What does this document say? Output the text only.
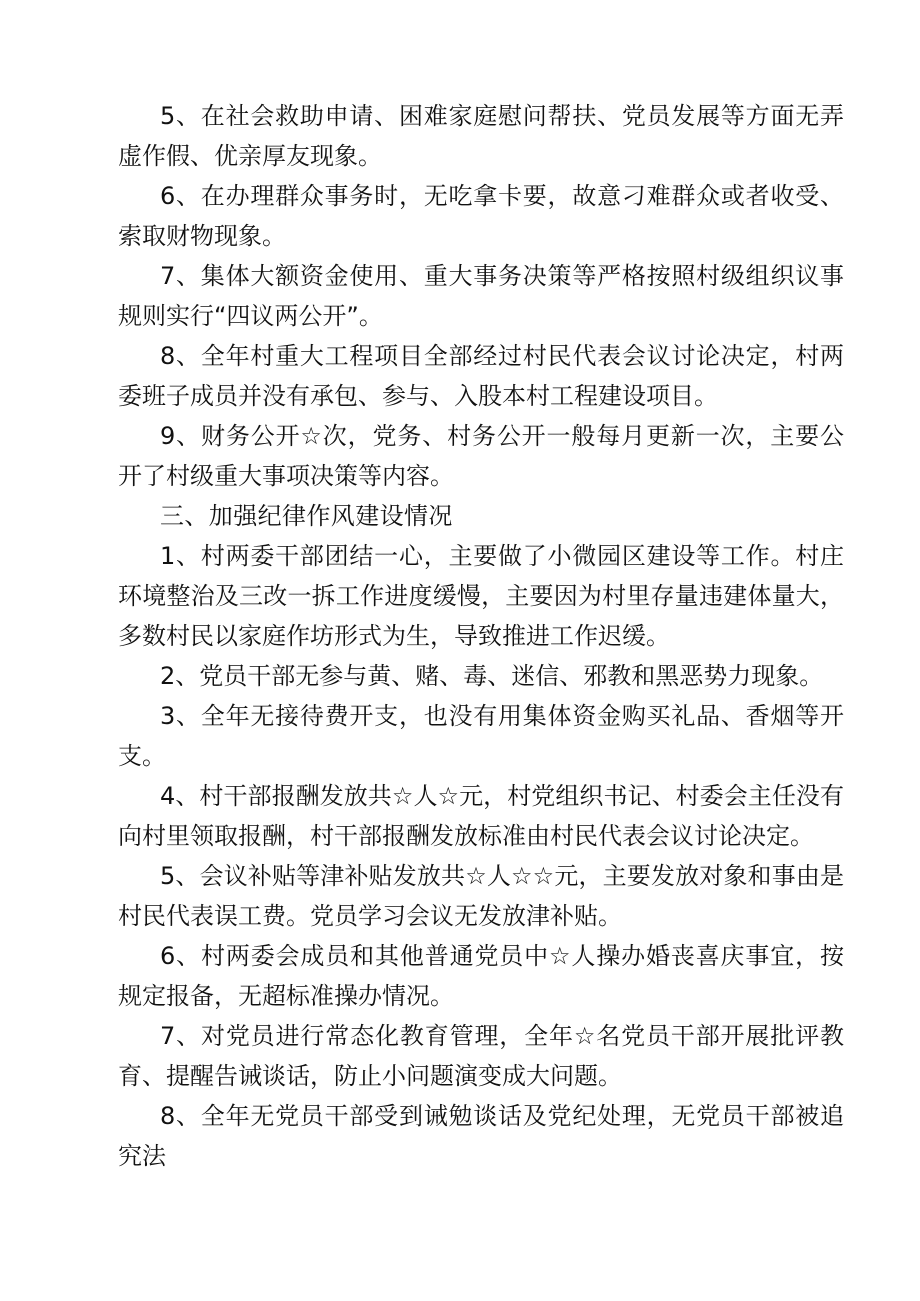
5、在社会救助申请、困难家庭慰问帮扶、党员发展等方面无弄虚作假、优亲厚友现象。

6、在办理群众事务时，无吃拿卡要，故意刁难群众或者收受、索取财物现象。

7、集体大额资金使用、重大事务决策等严格按照村级组织议事规则实行“四议两公开”。

8、全年村重大工程项目全部经过村民代表会议讨论决定，村两委班子成员并没有承包、参与、入股本村工程建设项目。

9、财务公开☆次，党务、村务公开一般每月更新一次，主要公开了村级重大事项决策等内容。

三、加强纪律作风建设情况

1、村两委干部团结一心，主要做了小微园区建设等工作。村庄环境整治及三改一拆工作进度缓慢，主要因为村里存量违建体量大，多数村民以家庭作坊形式为生，导致推进工作迟缓。

2、党员干部无参与黄、赌、毒、迷信、邪教和黑恶势力现象。

3、全年无接待费开支，也没有用集体资金购买礼品、香烟等开支。

4、村干部报酬发放共☆人☆元，村党组织书记、村委会主任没有向村里领取报酬，村干部报酬发放标准由村民代表会议讨论决定。

5、会议补贴等津补贴发放共☆人☆☆元，主要发放对象和事由是村民代表误工费。党员学习会议无发放津补贴。

6、村两委会成员和其他普通党员中☆人操办婚丧喜庆事宜，按规定报备，无超标准操办情况。

7、对党员进行常态化教育管理，全年☆名党员干部开展批评教育、提醒告诫谈话，防止小问题演变成大问题。

8、全年无党员干部受到诫勉谈话及党纪处理，无党员干部被追究法
